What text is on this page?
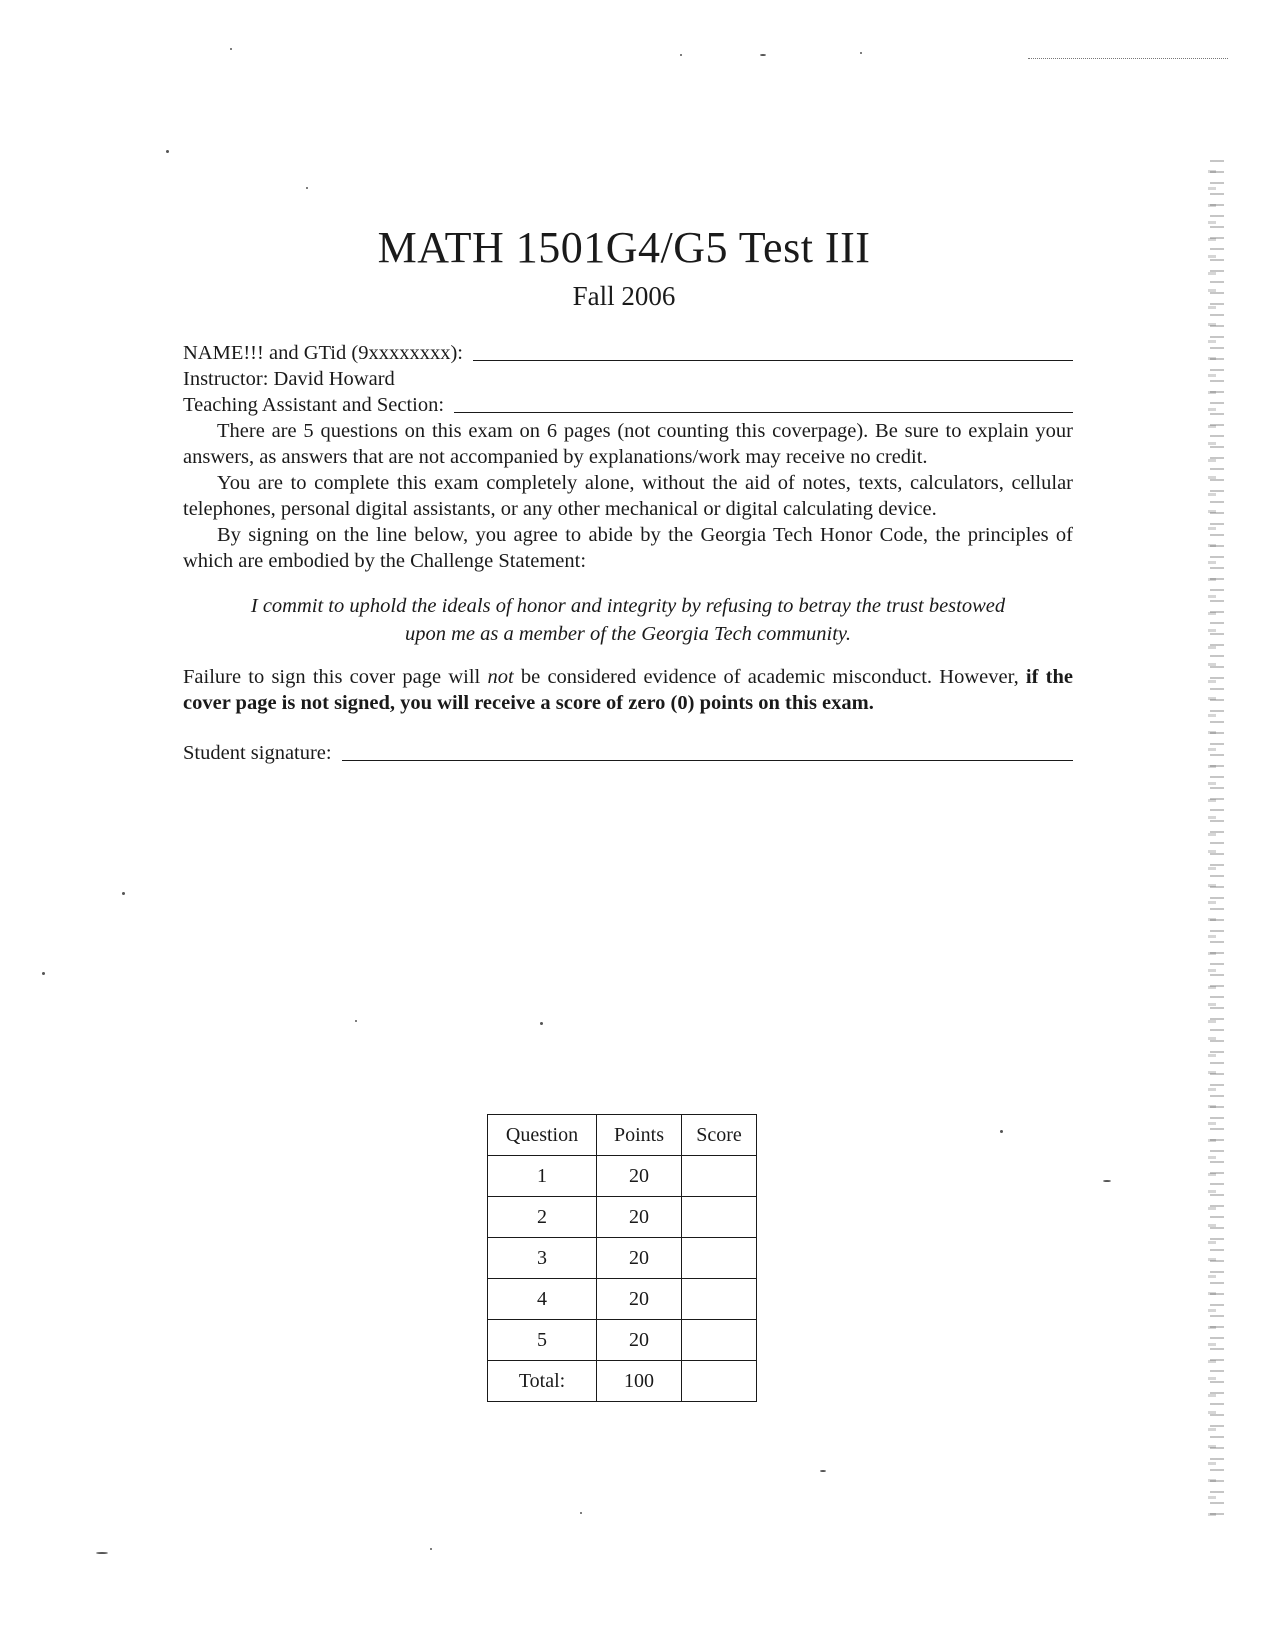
MATH 1501G4/G5 Test III
Fall 2006
NAME!!! and GTid (9xxxxxxxx):
Instructor: David Howard
Teaching Assistant and Section:

There are 5 questions on this exam on 6 pages (not counting this coverpage). Be sure to explain your answers, as answers that are not accompanied by explanations/work may receive no credit.

You are to complete this exam completely alone, without the aid of notes, texts, calculators, cellular telephones, personal digital assistants, or any other mechanical or digital calculating device.

By signing on the line below, you agree to abide by the Georgia Tech Honor Code, the principles of which are embodied by the Challenge Statement:

I commit to uphold the ideals of honor and integrity by refusing to betray the trust bestowed
upon me as a member of the Georgia Tech community.

Failure to sign this cover page will not be considered evidence of academic misconduct. However, if the cover page is not signed, you will receive a score of zero (0) points on this exam.

Student signature:
Question	Points	Score
1	20	
2	20	
3	20	
4	20	
5	20	
Total:	100	
